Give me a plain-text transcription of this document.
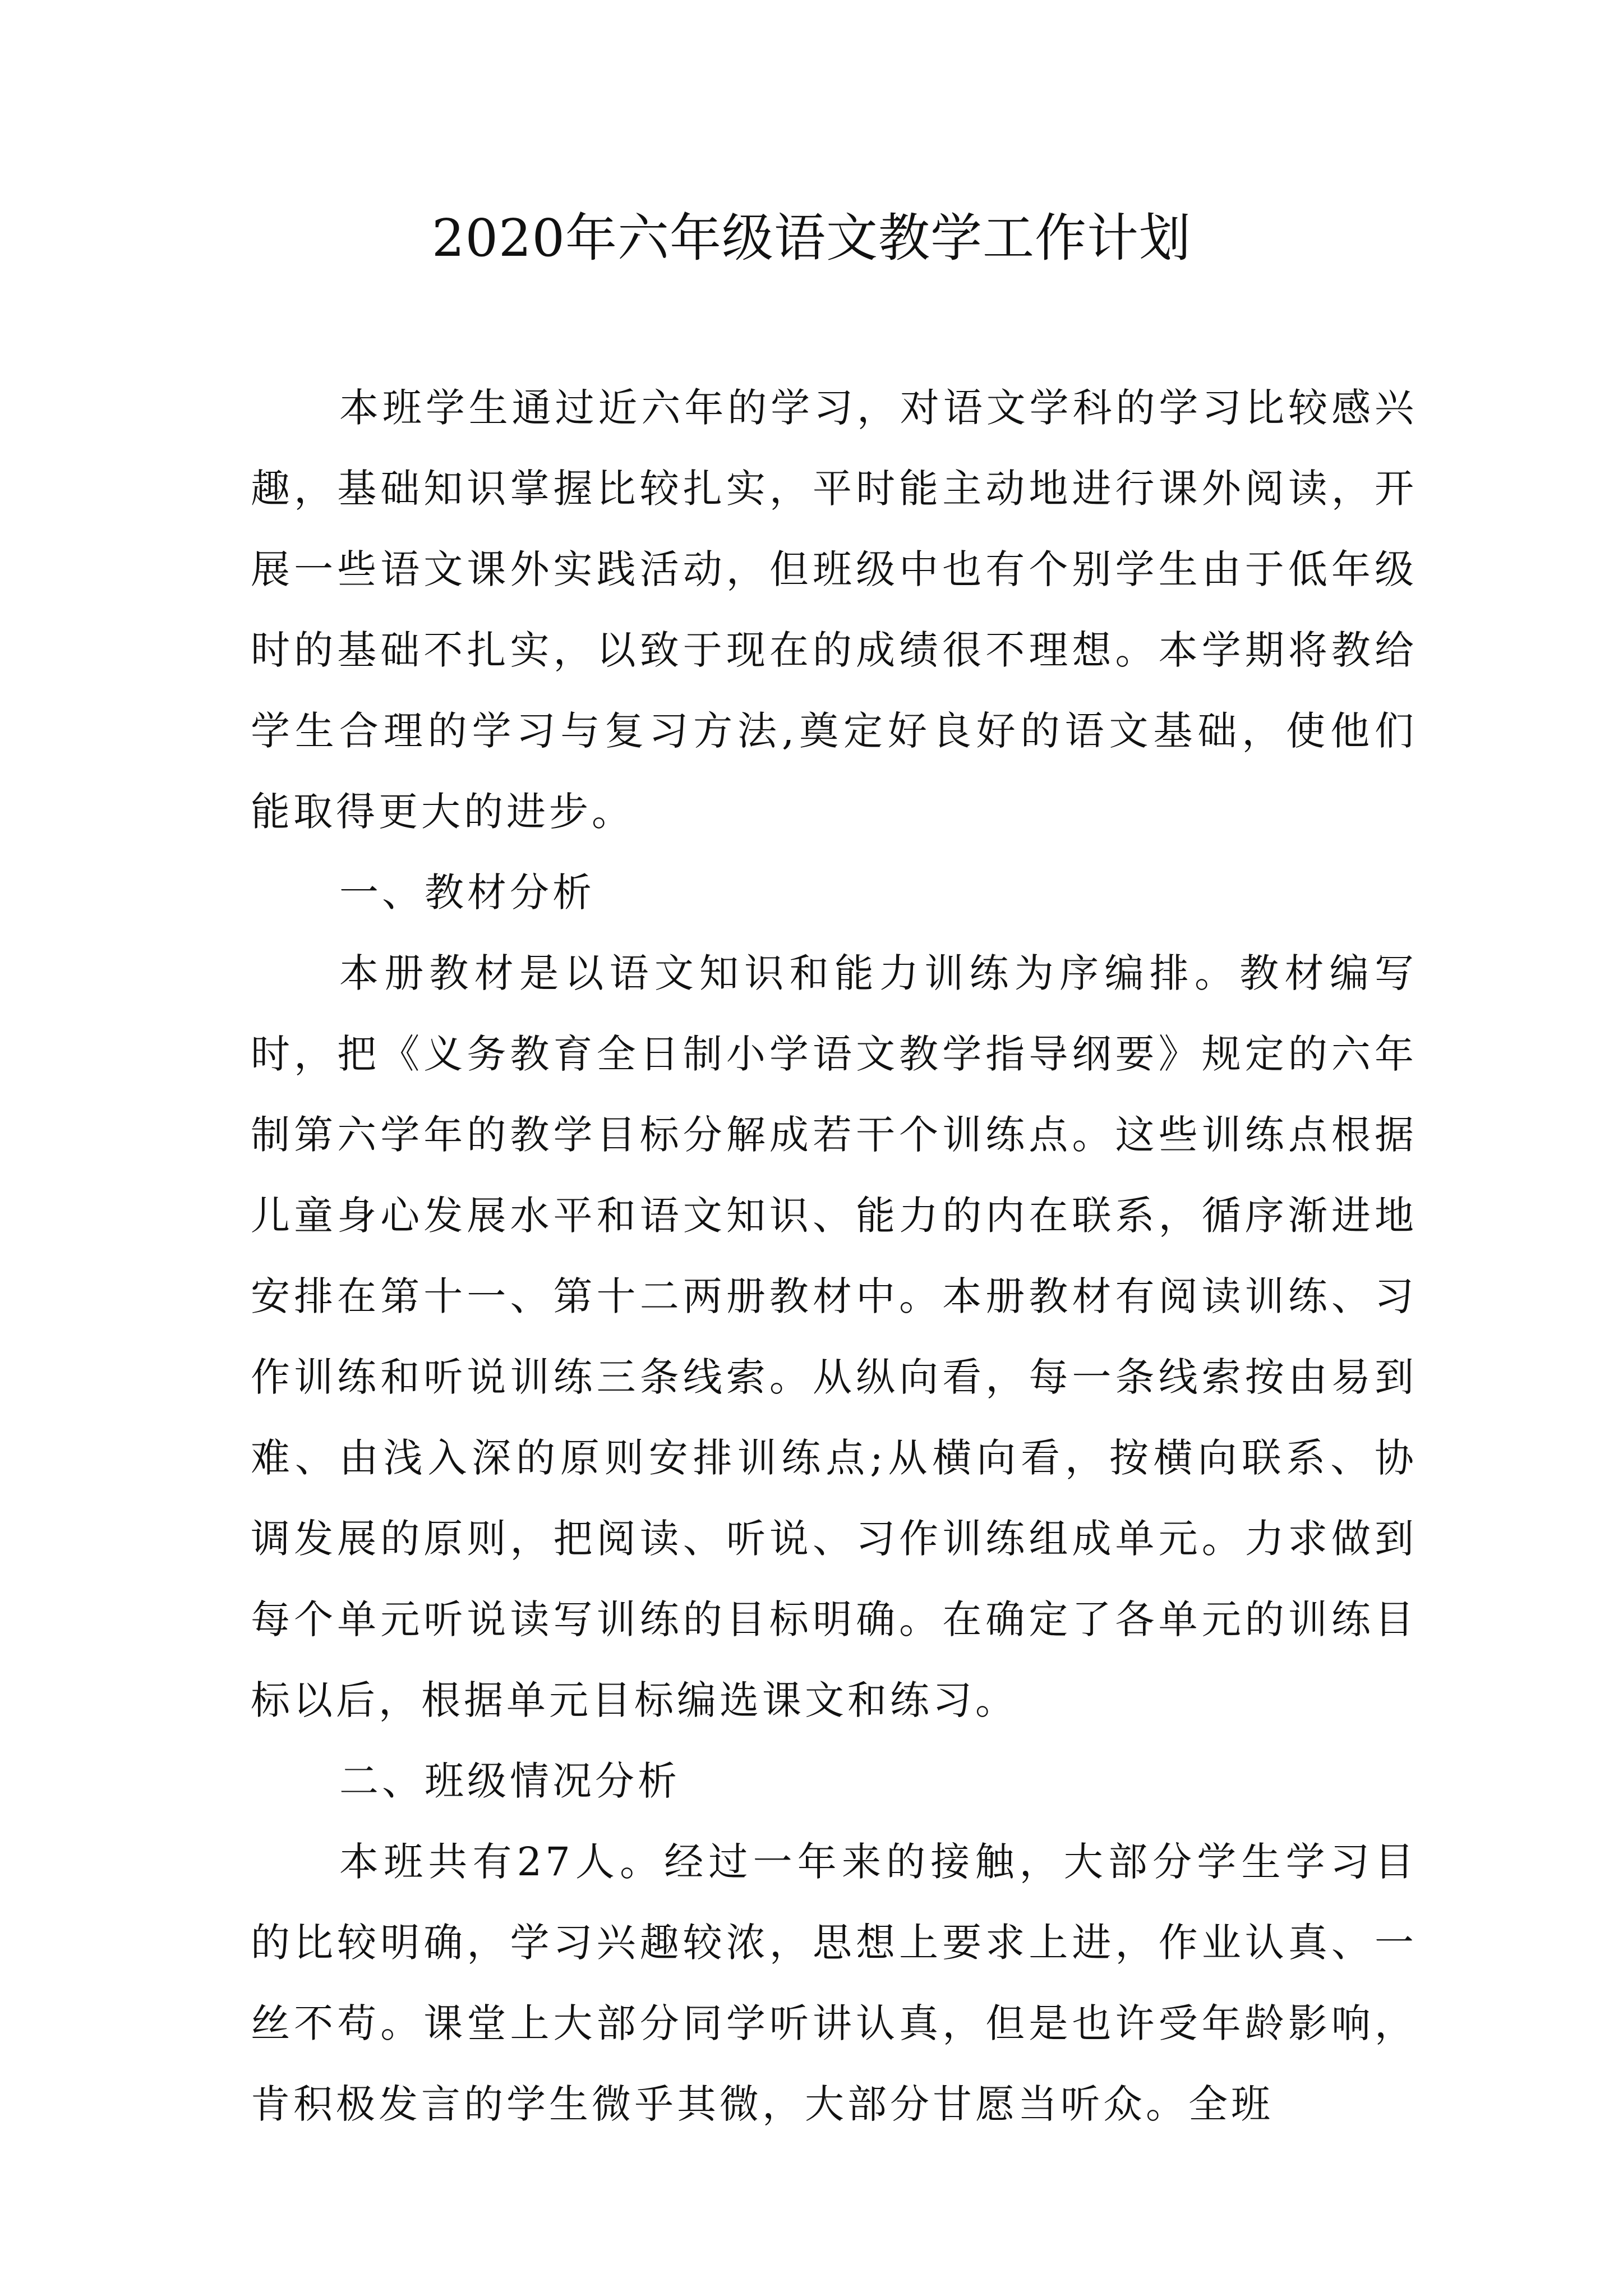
2020年六年级语文教学工作计划

本班学生通过近六年的学习，对语文学科的学习比较感兴趣，基础知识掌握比较扎实，平时能主动地进行课外阅读，开展一些语文课外实践活动，但班级中也有个别学生由于低年级时的基础不扎实，以致于现在的成绩很不理想。本学期将教给学生合理的学习与复习方法,奠定好良好的语文基础，使他们能取得更大的进步。

一、教材分析

本册教材是以语文知识和能力训练为序编排。教材编写时，把《义务教育全日制小学语文教学指导纲要》规定的六年制第六学年的教学目标分解成若干个训练点。这些训练点根据儿童身心发展水平和语文知识、能力的内在联系，循序渐进地安排在第十一、第十二两册教材中。本册教材有阅读训练、习作训练和听说训练三条线索。从纵向看，每一条线索按由易到难、由浅入深的原则安排训练点;从横向看，按横向联系、协调发展的原则，把阅读、听说、习作训练组成单元。力求做到每个单元听说读写训练的目标明确。在确定了各单元的训练目标以后，根据单元目标编选课文和练习。

二、班级情况分析

本班共有27人。经过一年来的接触，大部分学生学习目的比较明确，学习兴趣较浓，思想上要求上进，作业认真、一丝不苟。课堂上大部分同学听讲认真，但是也许受年龄影响，肯积极发言的学生微乎其微，大部分甘愿当听众。全班
